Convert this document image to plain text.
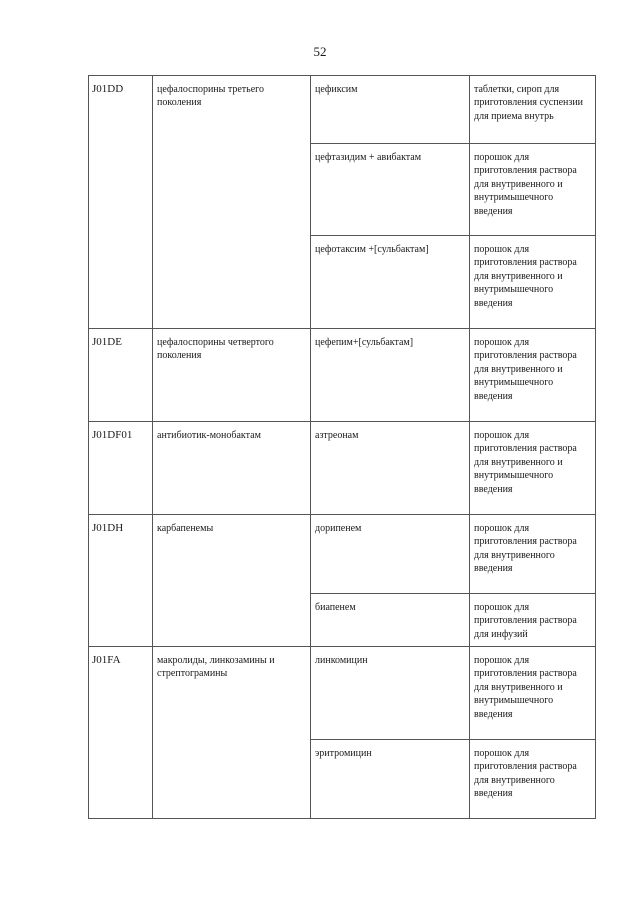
52
J01DD	цефалоспорины третьего поколения	цефиксим	таблетки, сироп для приготовления суспензии для приема внутрь
		цефтазидим + авибактам	порошок для приготовления раствора для внутривенного и внутримышечного введения
		цефотаксим +[сульбактам]	порошок для приготовления раствора для внутривенного и внутримышечного введения
J01DE	цефалоспорины четвертого поколения	цефепим+[сульбактам]	порошок для приготовления раствора для внутривенного и внутримышечного введения
J01DF01	антибиотик-монобактам	азтреонам	порошок для приготовления раствора для внутривенного и внутримышечного введения
J01DH	карбапенемы	дорипенем	порошок для приготовления раствора для внутривенного введения
		биапенем	порошок для приготовления раствора для инфузий
J01FA	макролиды, линкозамины и стрептограмины	линкомицин	порошок для приготовления раствора для внутривенного и внутримышечного введения
		эритромицин	порошок для приготовления раствора для внутривенного введения
